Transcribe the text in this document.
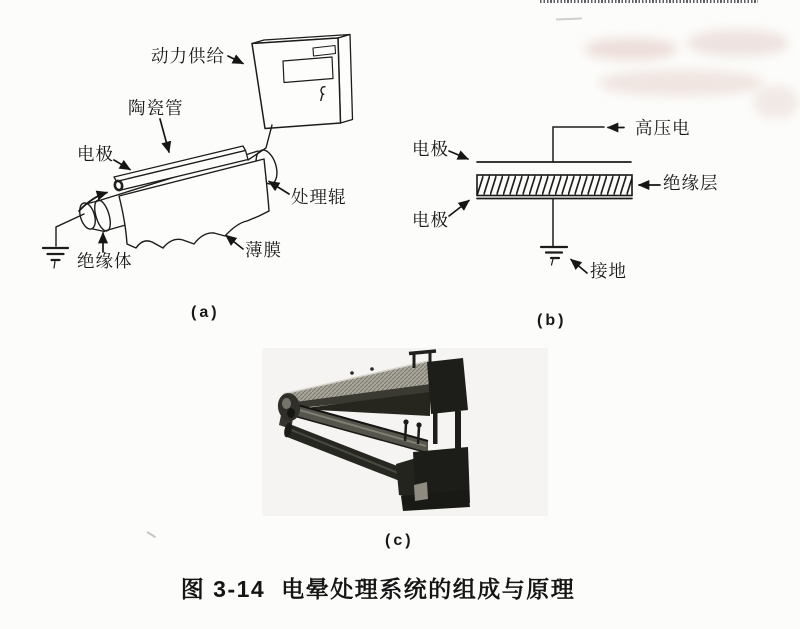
动力供给
陶瓷管
电极
处理辊
薄膜
绝缘体
高压电
电极
绝缘层
电极
接地
(a)	(b)
(c)
图 3-14 电晕处理系统的组成与原理
